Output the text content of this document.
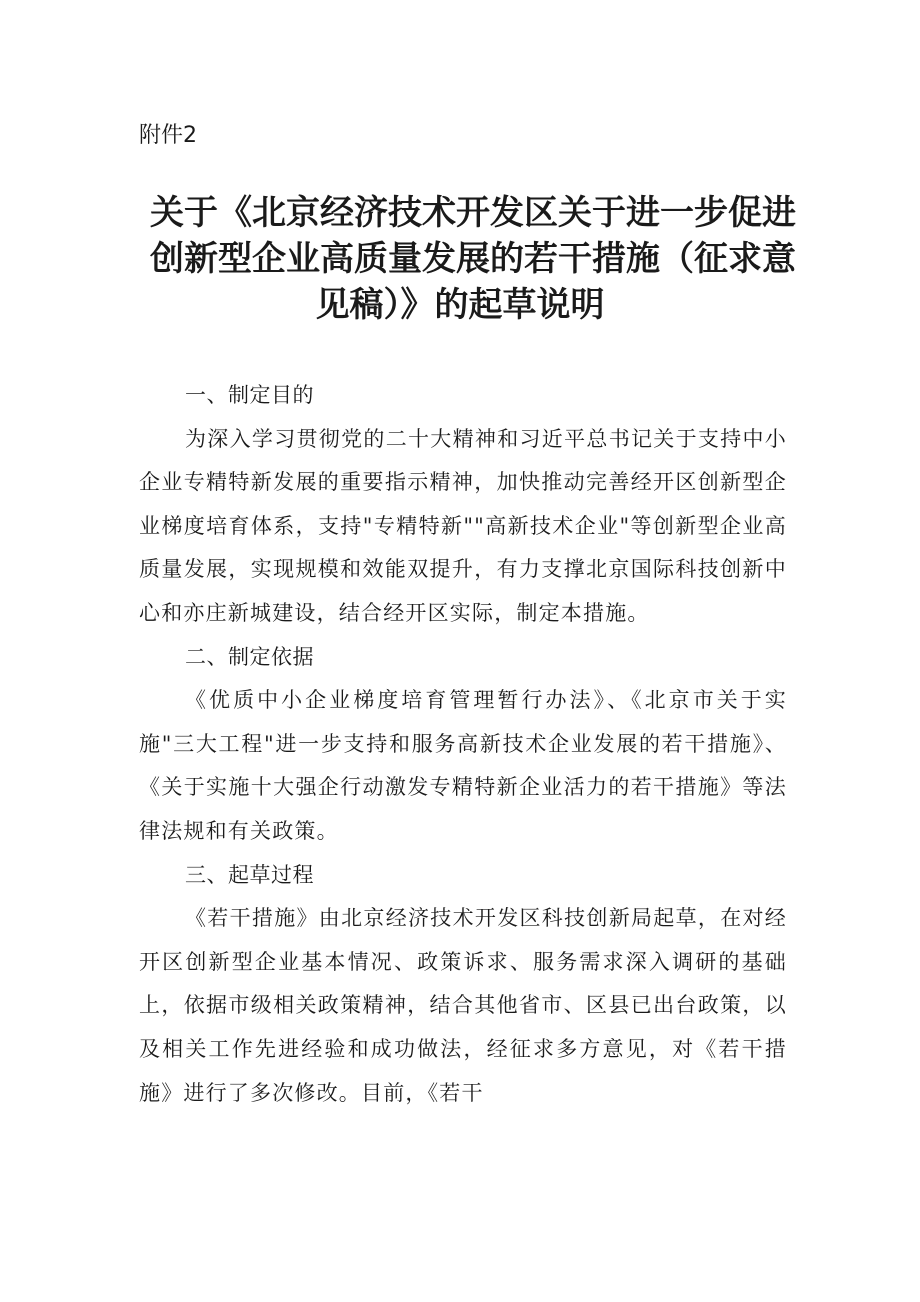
附件2
关于《北京经济技术开发区关于进一步促进
创新型企业高质量发展的若干措施（征求意
见稿）》的起草说明
一、制定目的

为深入学习贯彻党的二十大精神和习近平总书记关于支持中小企业专精特新发展的重要指示精神，加快推动完善经开区创新型企业梯度培育体系，支持"专精特新""高新技术企业"等创新型企业高质量发展，实现规模和效能双提升，有力支撑北京国际科技创新中心和亦庄新城建设，结合经开区实际，制定本措施。

二、制定依据

《优质中小企业梯度培育管理暂行办法》、《北京市关于实施"三大工程"进一步支持和服务高新技术企业发展的若干措施》、《关于实施十大强企行动激发专精特新企业活力的若干措施》等法律法规和有关政策。

三、起草过程

《若干措施》由北京经济技术开发区科技创新局起草，在对经开区创新型企业基本情况、政策诉求、服务需求深入调研的基础上，依据市级相关政策精神，结合其他省市、区县已出台政策，以及相关工作先进经验和成功做法，经征求多方意见，对《若干措施》进行了多次修改。目前，《若干
